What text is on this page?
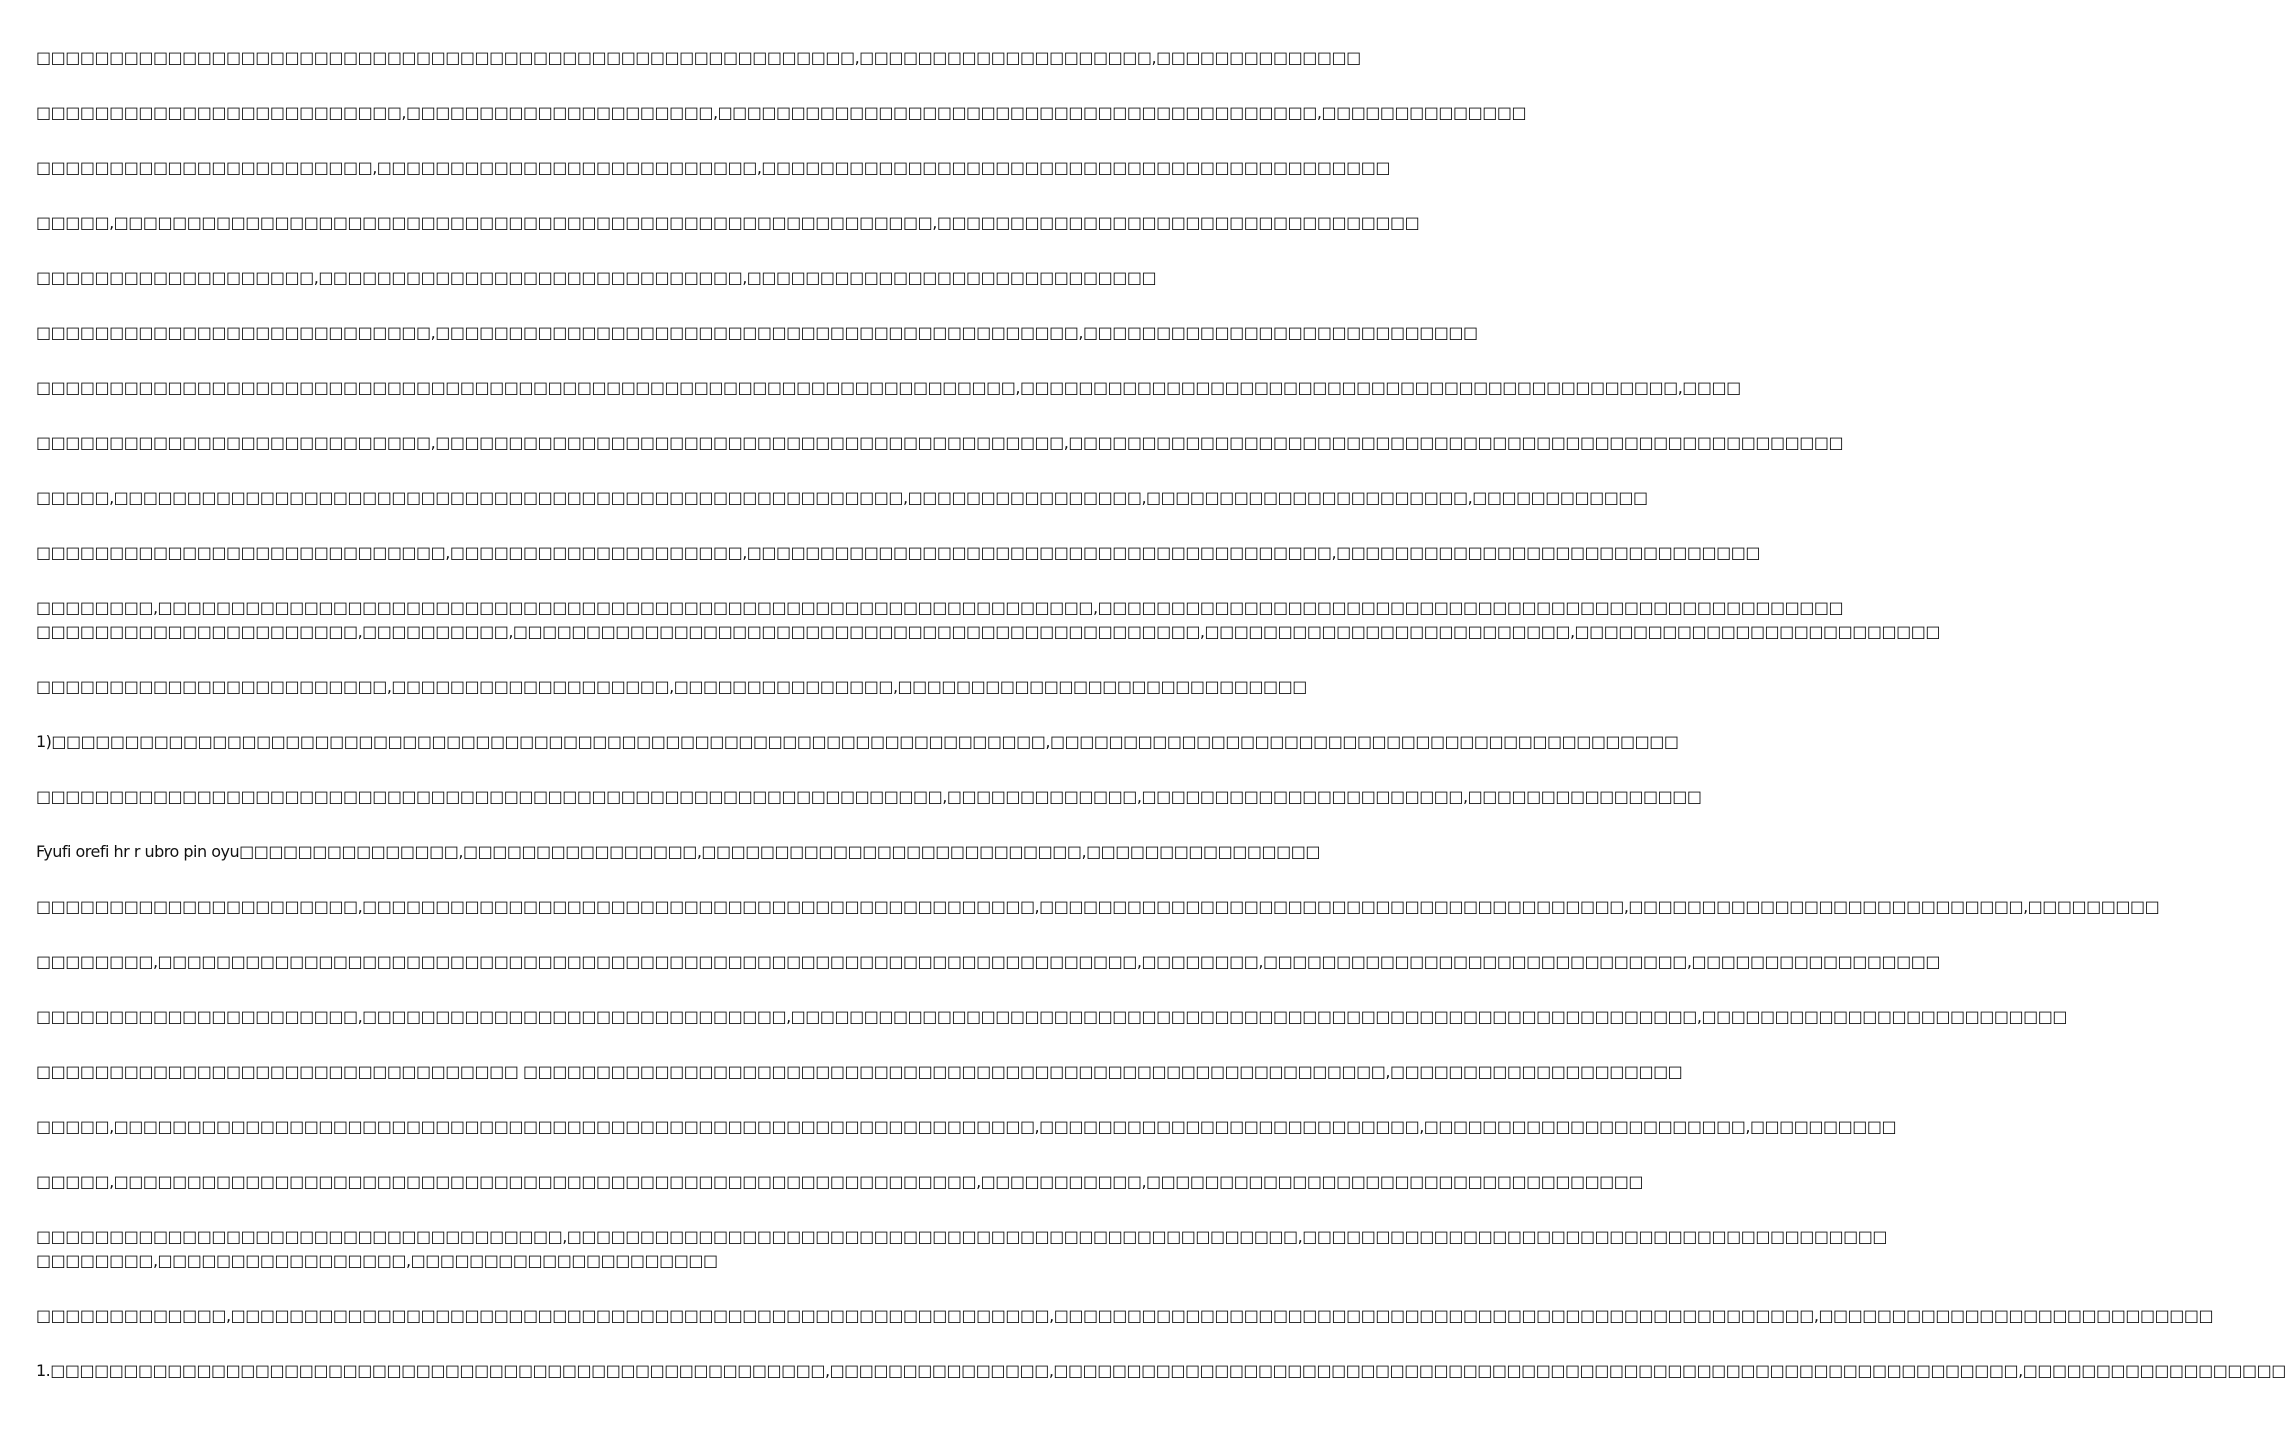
□□□□□□□□□□□□□□□□□□□□□□□□□□□□□□□□□□□□□□□□□□□□□□□□□□□□□□□□,□□□□□□□□□□□□□□□□□□□□,□□□□□□□□□□□□□□

□□□□□□□□□□□□□□□□□□□□□□□□□,□□□□□□□□□□□□□□□□□□□□□,□□□□□□□□□□□□□□□□□□□□□□□□□□□□□□□□□□□□□□□□□,□□□□□□□□□□□□□□

□□□□□□□□□□□□□□□□□□□□□□□,□□□□□□□□□□□□□□□□□□□□□□□□□□,□□□□□□□□□□□□□□□□□□□□□□□□□□□□□□□□□□□□□□□□□□□

□□□□□,□□□□□□□□□□□□□□□□□□□□□□□□□□□□□□□□□□□□□□□□□□□□□□□□□□□□□□□□,□□□□□□□□□□□□□□□□□□□□□□□□□□□□□□□□□

□□□□□□□□□□□□□□□□□□□,□□□□□□□□□□□□□□□□□□□□□□□□□□□□□,□□□□□□□□□□□□□□□□□□□□□□□□□□□□

□□□□□□□□□□□□□□□□□□□□□□□□□□□,□□□□□□□□□□□□□□□□□□□□□□□□□□□□□□□□□□□□□□□□□□□□,□□□□□□□□□□□□□□□□□□□□□□□□□□□

□□□□□□□□□□□□□□□□□□□□□□□□□□□□□□□□□□□□□□□□□□□□□□□□□□□□□□□□□□□□□□□□□□□,□□□□□□□□□□□□□□□□□□□□□□□□□□□□□□□□□□□□□□□□□□□□□,□□□□

□□□□□□□□□□□□□□□□□□□□□□□□□□□,□□□□□□□□□□□□□□□□□□□□□□□□□□□□□□□□□□□□□□□□□□□,□□□□□□□□□□□□□□□□□□□□□□□□□□□□□□□□□□□□□□□□□□□□□□□□□□□□□

□□□□□,□□□□□□□□□□□□□□□□□□□□□□□□□□□□□□□□□□□□□□□□□□□□□□□□□□□□□□,□□□□□□□□□□□□□□□□,□□□□□□□□□□□□□□□□□□□□□□,□□□□□□□□□□□□

□□□□□□□□□□□□□□□□□□□□□□□□□□□□,□□□□□□□□□□□□□□□□□□□□,□□□□□□□□□□□□□□□□□□□□□□□□□□□□□□□□□□□□□□□□,□□□□□□□□□□□□□□□□□□□□□□□□□□□□□

□□□□□□□□,□□□□□□□□□□□□□□□□□□□□□□□□□□□□□□□□□□□□□□□□□□□□□□□□□□□□□□□□□□□□□□□□,□□□□□□□□□□□□□□□□□□□□□□□□□□□□□□□□□□□□□□□□□□□□□□□□□□□
□□□□□□□□□□□□□□□□□□□□□□,□□□□□□□□□□,□□□□□□□□□□□□□□□□□□□□□□□□□□□□□□□□□□□□□□□□□□□□□□□,□□□□□□□□□□□□□□□□□□□□□□□□□,□□□□□□□□□□□□□□□□□□□□□□□□□

□□□□□□□□□□□□□□□□□□□□□□□□,□□□□□□□□□□□□□□□□□□□,□□□□□□□□□□□□□□□,□□□□□□□□□□□□□□□□□□□□□□□□□□□□

1)□□□□□□□□□□□□□□□□□□□□□□□□□□□□□□□□□□□□□□□□□□□□□□□□□□□□□□□□□□□□□□□□□□□□,□□□□□□□□□□□□□□□□□□□□□□□□□□□□□□□□□□□□□□□□□□□

□□□□□□□□□□□□□□□□□□□□□□□□□□□□□□□□□□□□□□□□□□□□□□□□□□□□□□□□□□□□□□,□□□□□□□□□□□□□,□□□□□□□□□□□□□□□□□□□□□□,□□□□□□□□□□□□□□□□

Fyufi orefi hr r ubro pin oyu□□□□□□□□□□□□□□□,□□□□□□□□□□□□□□□□,□□□□□□□□□□□□□□□□□□□□□□□□□□,□□□□□□□□□□□□□□□□

□□□□□□□□□□□□□□□□□□□□□□,□□□□□□□□□□□□□□□□□□□□□□□□□□□□□□□□□□□□□□□□□□□□□□,□□□□□□□□□□□□□□□□□□□□□□□□□□□□□□□□□□□□□□□□,□□□□□□□□□□□□□□□□□□□□□□□□□□□,□□□□□□□□□

□□□□□□□□,□□□□□□□□□□□□□□□□□□□□□□□□□□□□□□□□□□□□□□□□□□□□□□□□□□□□□□□□□□□□□□□□□□□,□□□□□□□□,□□□□□□□□□□□□□□□□□□□□□□□□□□□□□,□□□□□□□□□□□□□□□□□

□□□□□□□□□□□□□□□□□□□□□□,□□□□□□□□□□□□□□□□□□□□□□□□□□□□□,□□□□□□□□□□□□□□□□□□□□□□□□□□□□□□□□□□□□□□□□□□□□□□□□□□□□□□□□□□□□□□,□□□□□□□□□□□□□□□□□□□□□□□□□

□□□□□□□□□□□□□□□□□□□□□□□□□□□□□□□□□ □□□□□□□□□□□□□□□□□□□□□□□□□□□□□□□□□□□□□□□□□□□□□□□□□□□□□□□□□□□,□□□□□□□□□□□□□□□□□□□□

□□□□□,□□□□□□□□□□□□□□□□□□□□□□□□□□□□□□□□□□□□□□□□□□□□□□□□□□□□□□□□□□□□□□□,□□□□□□□□□□□□□□□□□□□□□□□□□□,□□□□□□□□□□□□□□□□□□□□□□,□□□□□□□□□□

□□□□□,□□□□□□□□□□□□□□□□□□□□□□□□□□□□□□□□□□□□□□□□□□□□□□□□□□□□□□□□□□□,□□□□□□□□□□□,□□□□□□□□□□□□□□□□□□□□□□□□□□□□□□□□□□

□□□□□□□□□□□□□□□□□□□□□□□□□□□□□□□□□□□□,□□□□□□□□□□□□□□□□□□□□□□□□□□□□□□□□□□□□□□□□□□□□□□□□□□,□□□□□□□□□□□□□□□□□□□□□□□□□□□□□□□□□□□□□□□□
□□□□□□□□,□□□□□□□□□□□□□□□□□,□□□□□□□□□□□□□□□□□□□□□

□□□□□□□□□□□□□,□□□□□□□□□□□□□□□□□□□□□□□□□□□□□□□□□□□□□□□□□□□□□□□□□□□□□□□□,□□□□□□□□□□□□□□□□□□□□□□□□□□□□□□□□□□□□□□□□□□□□□□□□□□□□,□□□□□□□□□□□□□□□□□□□□□□□□□□□

1.□□□□□□□□□□□□□□□□□□□□□□□□□□□□□□□□□□□□□□□□□□□□□□□□□□□□□,□□□□□□□□□□□□□□□,□□□□□□□□□□□□□□□□□□□□□□□□□□□□□□□□□□□□□□□□□□□□□□□□□□□□□□□□□□□□□□□□□□,□□□□□□□□□□□□□□□□□□
